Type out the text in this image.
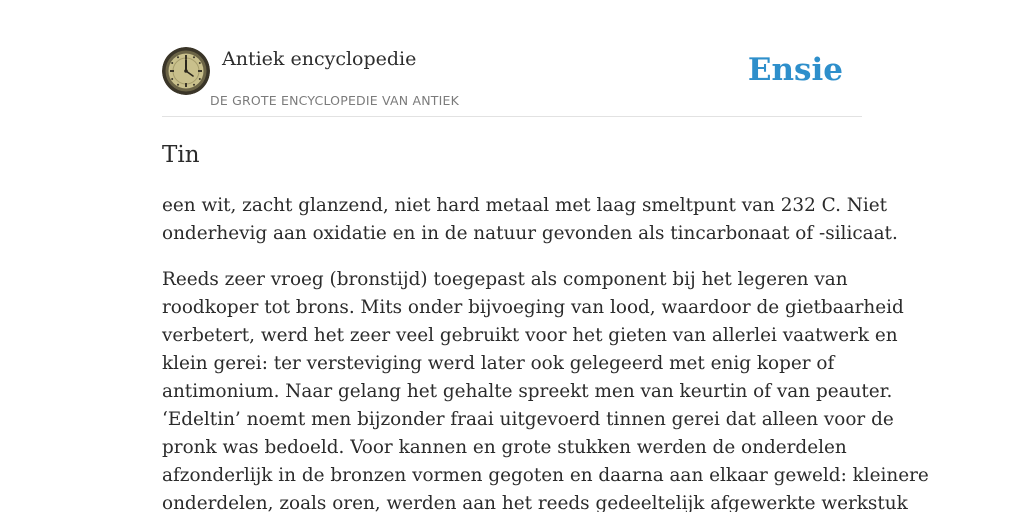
Antiek encyclopedie
DE GROTE ENCYCLOPEDIE VAN ANTIEK
Ensie
Tin

een wit, zacht glanzend, niet hard metaal met laag smeltpunt van 232 C. Niet
onderhevig aan oxidatie en in de natuur gevonden als tincarbonaat of -silicaat.

Reeds zeer vroeg (bronstijd) toegepast als component bij het legeren van
roodkoper tot brons. Mits onder bijvoeging van lood, waardoor de gietbaarheid
verbetert, werd het zeer veel gebruikt voor het gieten van allerlei vaatwerk en
klein gerei: ter versteviging werd later ook gelegeerd met enig koper of
antimonium. Naar gelang het gehalte spreekt men van keurtin of van peauter.
‘Edeltin’ noemt men bijzonder fraai uitgevoerd tinnen gerei dat alleen voor de
pronk was bedoeld. Voor kannen en grote stukken werden de onderdelen
afzonderlijk in de bronzen vormen gegoten en daarna aan elkaar geweld: kleinere
onderdelen, zoals oren, werden aan het reeds gedeeltelijk afgewerkte werkstuk
